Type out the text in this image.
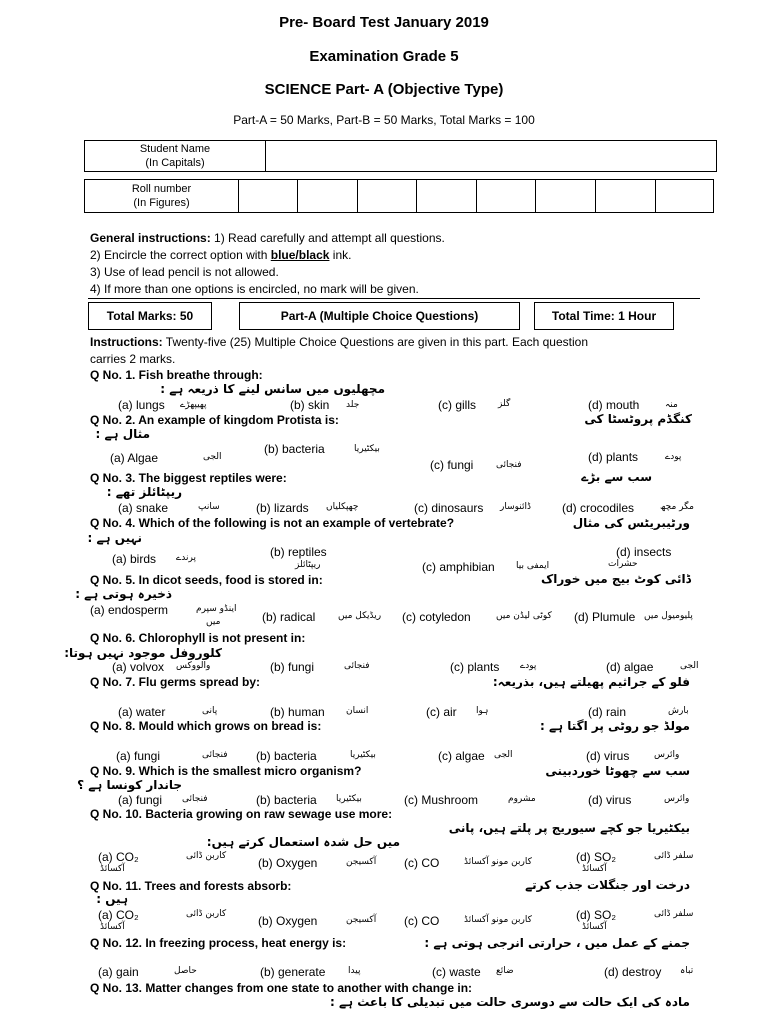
Pre- Board Test January 2019
Examination Grade 5
SCIENCE Part- A (Objective Type)
Part-A = 50 Marks, Part-B = 50 Marks, Total Marks = 100
Student Name
(In Capitals)
Roll number
(In Figures)
General instructions: 1) Read carefully and attempt all questions.
2) Encircle the correct option with blue/black ink.
3) Use of lead pencil is not allowed.
4) If more than one options is encircled, no mark will be given.
Total Marks: 50	Part-A (Multiple Choice Questions)	Total Time: 1 Hour
Instructions: Twenty-five (25) Multiple Choice Questions are given in this part. Each question
carries 2 marks.
Q No. 1. Fish breathe through:
مچھلیوں میں سانس لینے کا ذریعہ ہے :
(a) lungs پھیپھڑے	(b) skin جلد	(c) gills گلز	(d) mouth	منہ
Q No. 2. An example of kingdom Protista is:	کنگڈم پروٹسٹا کی
مثال ہے :
(a) Algae	الجی
(b) bacteria	بیکٹیریا
(c) fungi	فنجائی
(d) plants	پودے
Q No. 3. The biggest reptiles were:	سب سے بڑے
ریپٹائلز تھے :
(a) snake	سانپ	(b) lizards چھپکلیاں	(c) dinosaurs ڈائنوسار	(d) crocodiles	مگر مچھ
Q No. 4. Which of the following is not an example of vertebrate?	ورٹیبریٹس کی مثال
نہیں ہے :
(a) birds پرندے	(b) reptiles
ریپٹائلز	(c) amphibian ایمفی بیا
(d) insects
حشرات
Q No. 5. In dicot seeds, food is stored in:	ڈائی کوٹ بیج میں خوراک
ذخیرہ ہوتی ہے :
(a) endosperm	اینڈو سپرم
میں	(b) radical	ریڈیکل میں (c) cotyledon	کوٹی لیڈن میں (d) Plumule پلیومیول میں
Q No. 6. Chlorophyll is not present in:
کلوروفل موجود نہیں ہوتا:
(a) volvox والووکس	(b) fungi	فنجائی	(c) plants پودے	(d) algae	الجی
Q No. 7. Flu germs spread by:	فلو کے جراثیم پھیلتے ہیں، بذریعہ:
(a) water	پانی	(b) human انسان	(c) air ہوا	(d) rain	بارش
Q No. 8. Mould which grows on bread is:	مولڈ جو روٹی پر اگتا ہے :
(a) fungi	فنجائی (b) bacteria	بیکٹیریا	(c) algae الجی	(d) virus	وائرس
Q No. 9. Which is the smallest micro organism?	سب سے چھوٹا خوردبینی
جاندار کونسا ہے ؟
(a) fungi فنجائی	(b) bacteria بیکٹیریا	(c) Mushroom	مشروم	(d) virus	وائرس
Q No. 10. Bacteria growing on raw sewage use more:
بیکٹیریا جو کچے سیوریج پر پلتے ہیں، پانی
میں حل شدہ استعمال کرتے ہیں:
(a) CO₂	کاربن ڈائی
آکسائڈ	(b) Oxygen	آکسیجن (c) CO	کاربن مونو آکسائڈ	(d) SO₂	سلفر ڈائی
آکسائڈ
Q No. 11. Trees and forests absorb:	درخت اور جنگلات جذب کرتے
ہیں :
(a) CO₂	کاربن ڈائی
آکسائڈ	(b) Oxygen	آکسیجن (c) CO	کاربن مونو آکسائڈ	(d) SO₂	سلفر ڈائی
آکسائڈ
Q No. 12. In freezing process, heat energy is:	جمنے کے عمل میں ، حرارتی انرجی ہوتی ہے :
(a) gain	حاصل	(b) generate	پیدا	(c) waste ضائع	(d) destroy تباہ
Q No. 13. Matter changes from one state to another with change in:
مادہ کی ایک حالت سے دوسری حالت میں تبدیلی کا باعث ہے :
